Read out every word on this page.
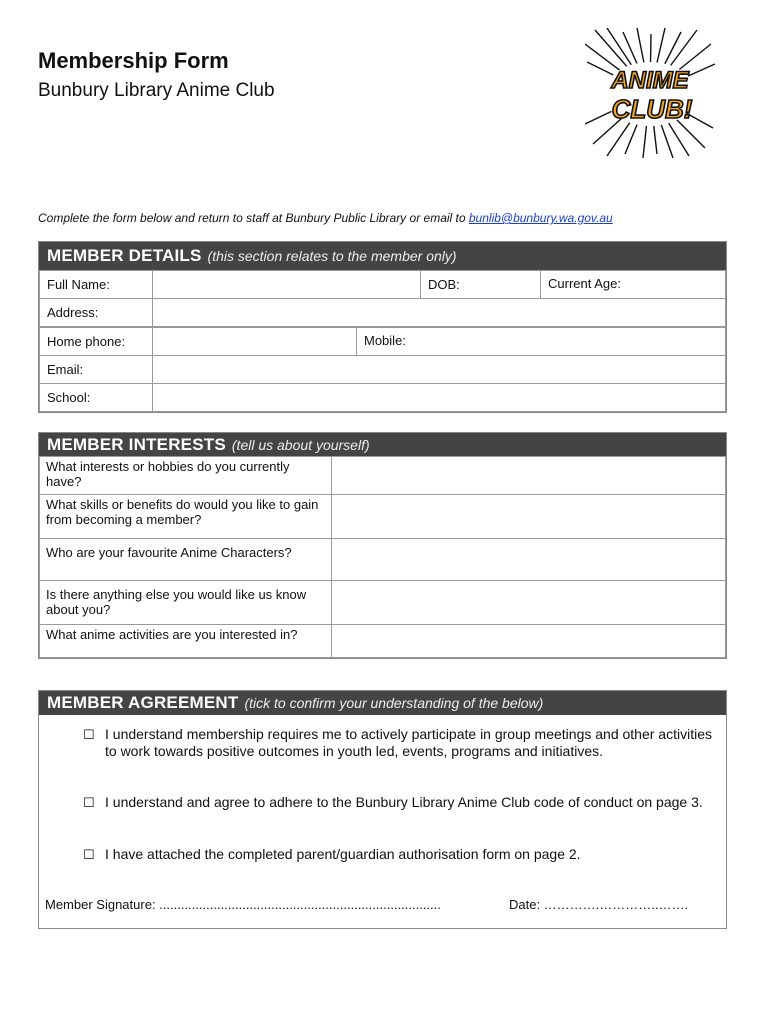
Membership Form
Bunbury Library Anime Club	ANIME
CLUB!
Complete the form below and return to staff at Bunbury Public Library or email to bunlib@bunbury.wa.gov.au
MEMBER DETAILS (this section relates to the member only)
Full Name:		DOB:	Current Age:
Address:			
Home phone:		Mobile:
Email:		
School:		
MEMBER INTERESTS (tell us about yourself)
What interests or hobbies do you currently have?	
What skills or benefits do would you like to gain from becoming a member?	
Who are your favourite Anime Characters?	
Is there anything else you would like us know about you?	
What anime activities are you interested in?	
MEMBER AGREEMENT (tick to confirm your understanding of the below)
☐ I understand membership requires me to actively participate in group meetings and other activities to work towards positive outcomes in youth led, events, programs and initiatives.
☐ I understand and agree to adhere to the Bunbury Library Anime Club code of conduct on page 3.
☐ I have attached the completed parent/guardian authorisation form on page 2.
Member Signature: ..............................................................................	Date: ………….…………..…….
